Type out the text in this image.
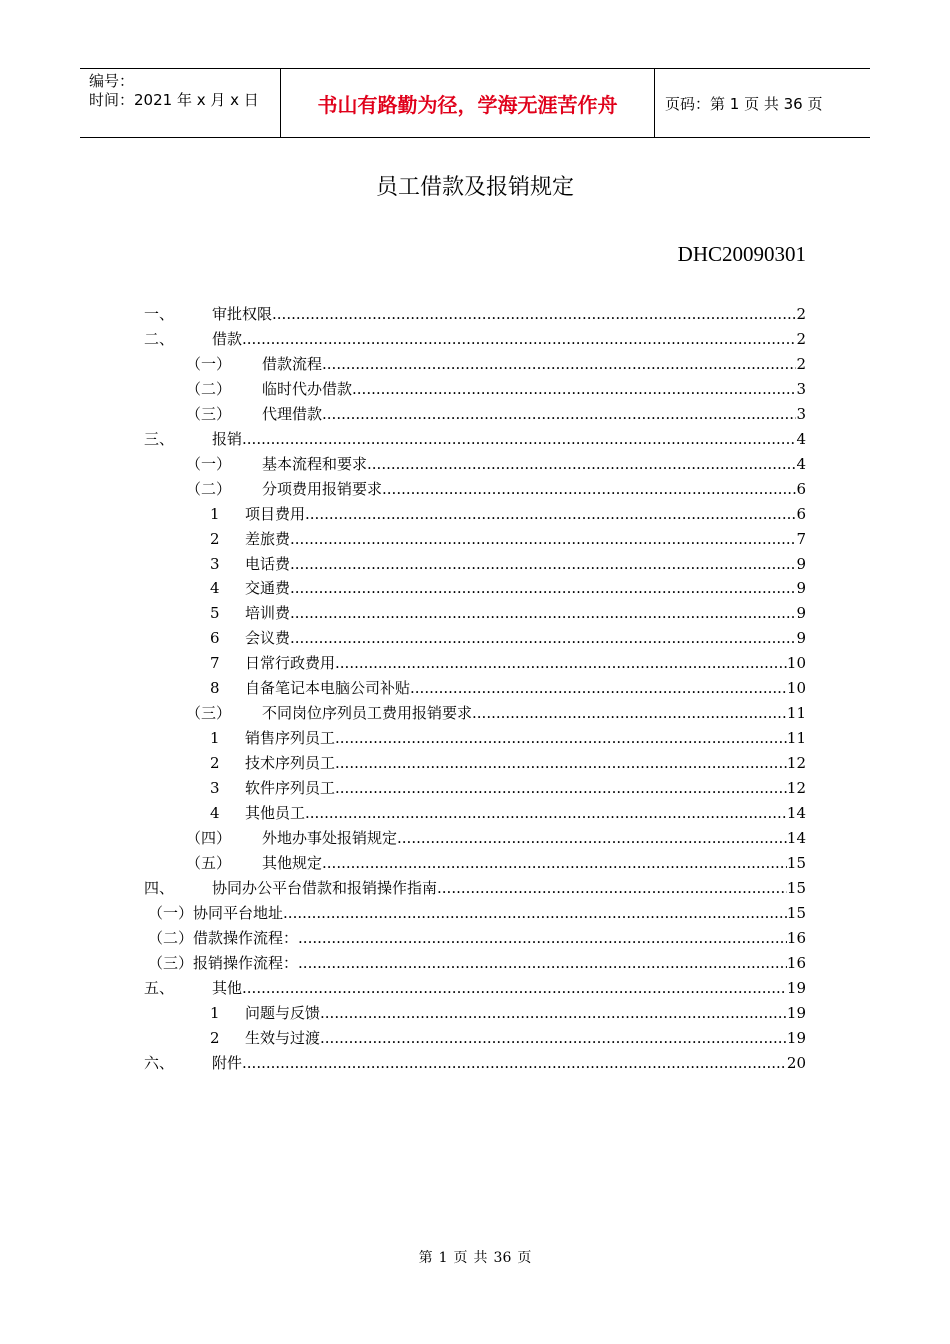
编号：
时间：2021 年 x 月 x 日	书山有路勤为径，学海无涯苦作舟	页码：第 1 页 共 36 页
员工借款及报销规定
DHC20090301
一、	审批权限 .....	2
二、	借款 .....	2
（一）	借款流程 .....	2
（二）	临时代办借款 .....	3
（三）	代理借款 .....	3
三、	报销 .....	4
（一）	基本流程和要求 .....	4
（二）	分项费用报销要求 .....	6
1	项目费用 .....	6
2	差旅费 .....	7
3	电话费 .....	9
4	交通费 .....	9
5	培训费 .....	9
6	会议费 .....	9
7	日常行政费用 .....	10
8	自备笔记本电脑公司补贴 .....	10
（三）	不同岗位序列员工费用报销要求 .....	11
1	销售序列员工 .....	11
2	技术序列员工 .....	12
3	软件序列员工 .....	12
4	其他员工 .....	14
（四）	外地办事处报销规定 .....	14
（五）	其他规定 .....	15
四、	协同办公平台借款和报销操作指南 .....	15
（一） 协同平台地址 .....	15
（二） 借款操作流程： .....	16
（三） 报销操作流程： .....	16
五、	其他 .....	19
1	问题与反馈 .....	19
2	生效与过渡 .....	19
六、	附件 .....	20
第 1 页 共 36 页
